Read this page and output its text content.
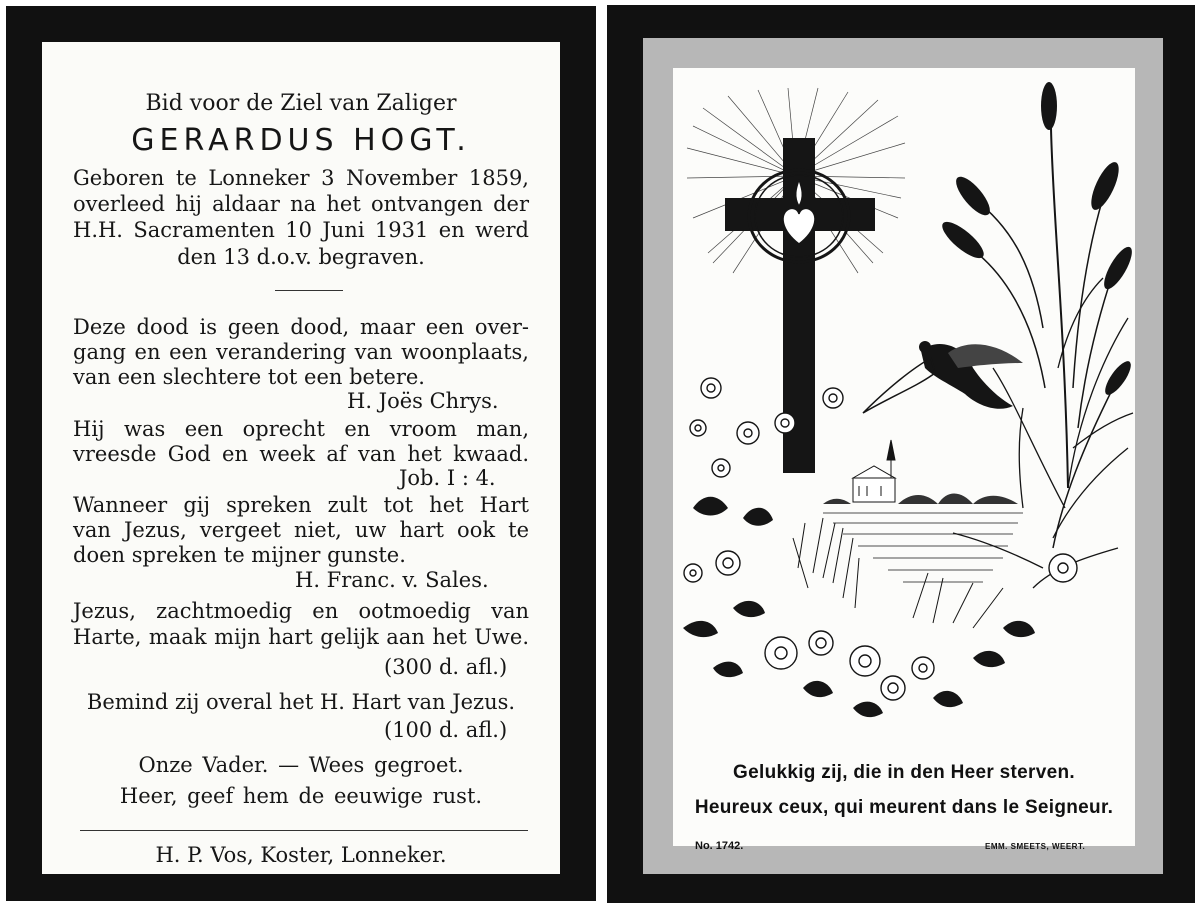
Bid voor de Ziel van Zaliger
GERARDUS HOGT.
Geboren te Lonneker 3 November 1859,
overleed hij aldaar na het ontvangen der
H.H. Sacramenten 10 Juni 1931 en werd
den 13 d.o.v. begraven.
Deze dood is geen dood, maar een over-
gang en een verandering van woonplaats,
van een slechtere tot een betere.
H. Joës Chrys.
Hij was een oprecht en vroom man,
vreesde God en week af van het kwaad.
Job. I : 4.
Wanneer gij spreken zult tot het Hart
van Jezus, vergeet niet, uw hart ook te
doen spreken te mijner gunste.
H. Franc. v. Sales.
Jezus, zachtmoedig en ootmoedig van
Harte, maak mijn hart gelijk aan het Uwe.
(300 d. afl.)
Bemind zij overal het H. Hart van Jezus.
(100 d. afl.)
Onze Vader. — Wees gegroet.
Heer, geef hem de eeuwige rust.
H. P. Vos, Koster, Lonneker.
Gelukkig zij, die in den Heer sterven.
Heureux ceux, qui meurent dans le Seigneur.
No. 1742.	EMM. SMEETS, WEERT.
